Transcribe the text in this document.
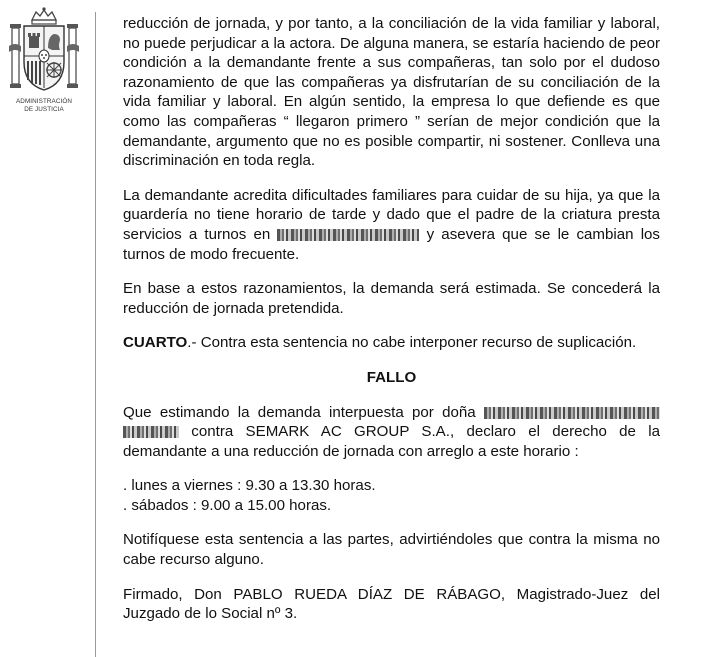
ADMINISTRACIÓN
DE JUSTICIA

reducción de jornada, y por tanto, a la conciliación de la vida familiar y laboral, no puede perjudicar a la actora. De alguna manera, se estaría haciendo de peor condición a la demandante frente a sus compañeras, tan solo por el dudoso razonamiento de que las compañeras ya disfrutarían de su conciliación de la vida familiar y laboral. En algún sentido, la empresa lo que defiende es que como las compañeras “ llegaron primero ” serían de mejor condición que la demandante, argumento que no es posible compartir, ni sostener. Conlleva una discriminación en toda regla.

La demandante acredita dificultades familiares para cuidar de su hija, ya que la guardería no tiene horario de tarde y dado que el padre de la criatura presta servicios a turnos en	y asevera que se le cambian los turnos de modo frecuente.

En base a estos razonamientos, la demanda será estimada. Se concederá la reducción de jornada pretendida.

CUARTO.- Contra esta sentencia no cabe interponer recurso de suplicación.

FALLO

Que estimando la demanda interpuesta por doña   contra SEMARK AC GROUP S.A., declaro el derecho de la demandante a una reducción de jornada con arreglo a este horario :

. lunes a viernes : 9.30 a 13.30 horas.

. sábados : 9.00 a 15.00 horas.

Notifíquese esta sentencia a las partes, advirtiéndoles que contra la misma no cabe recurso alguno.

Firmado, Don PABLO RUEDA DÍAZ DE RÁBAGO, Magistrado-Juez del Juzgado de lo Social nº 3.
